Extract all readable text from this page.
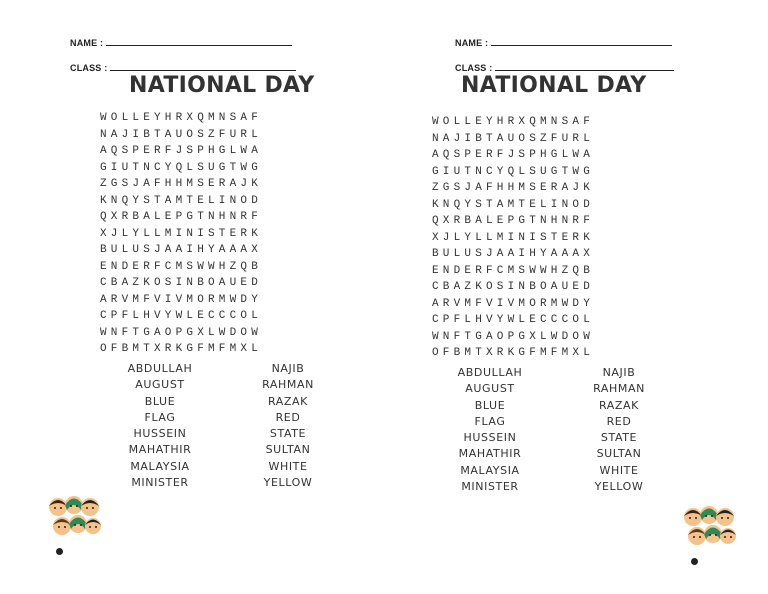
NAME :
CLASS :
NATIONAL DAY
WOLLEYHRXQMNSAF
NAJIBTAUOSZFURL
AQSPERFJSPHGLWA
GIUTNCYQLSUGTWG
ZGSJAFHHMSERAJK
KNQYSTAMTELINOD
QXRBALEPGTNHNRF
XJLYLLMINISTERK
BULUSJAAIHYAAAX
ENDERFCMSWWHZQB
CBAZKOSINBOAUED
ARVMFVIVMORMWDY
CPFLHVYWLECCCOL
WNFTGAOPGXLWDOW
OFBMTXRKGFMFMXL
ABDULLAH
AUGUST
BLUE
FLAG
HUSSEIN
MAHATHIR
MALAYSIA
MINISTER
NAJIB
RAHMAN
RAZAK
RED
STATE
SULTAN
WHITE
YELLOW
NAME :
CLASS :
NATIONAL DAY
WOLLEYHRXQMNSAF
NAJIBTAUOSZFURL
AQSPERFJSPHGLWA
GIUTNCYQLSUGTWG
ZGSJAFHHMSERAJK
KNQYSTAMTELINOD
QXRBALEPGTNHNRF
XJLYLLMINISTERK
BULUSJAAIHYAAAX
ENDERFCMSWWHZQB
CBAZKOSINBOAUED
ARVMFVIVMORMWDY
CPFLHVYWLECCCOL
WNFTGAOPGXLWDOW
OFBMTXRKGFMFMXL
ABDULLAH
AUGUST
BLUE
FLAG
HUSSEIN
MAHATHIR
MALAYSIA
MINISTER
NAJIB
RAHMAN
RAZAK
RED
STATE
SULTAN
WHITE
YELLOW
